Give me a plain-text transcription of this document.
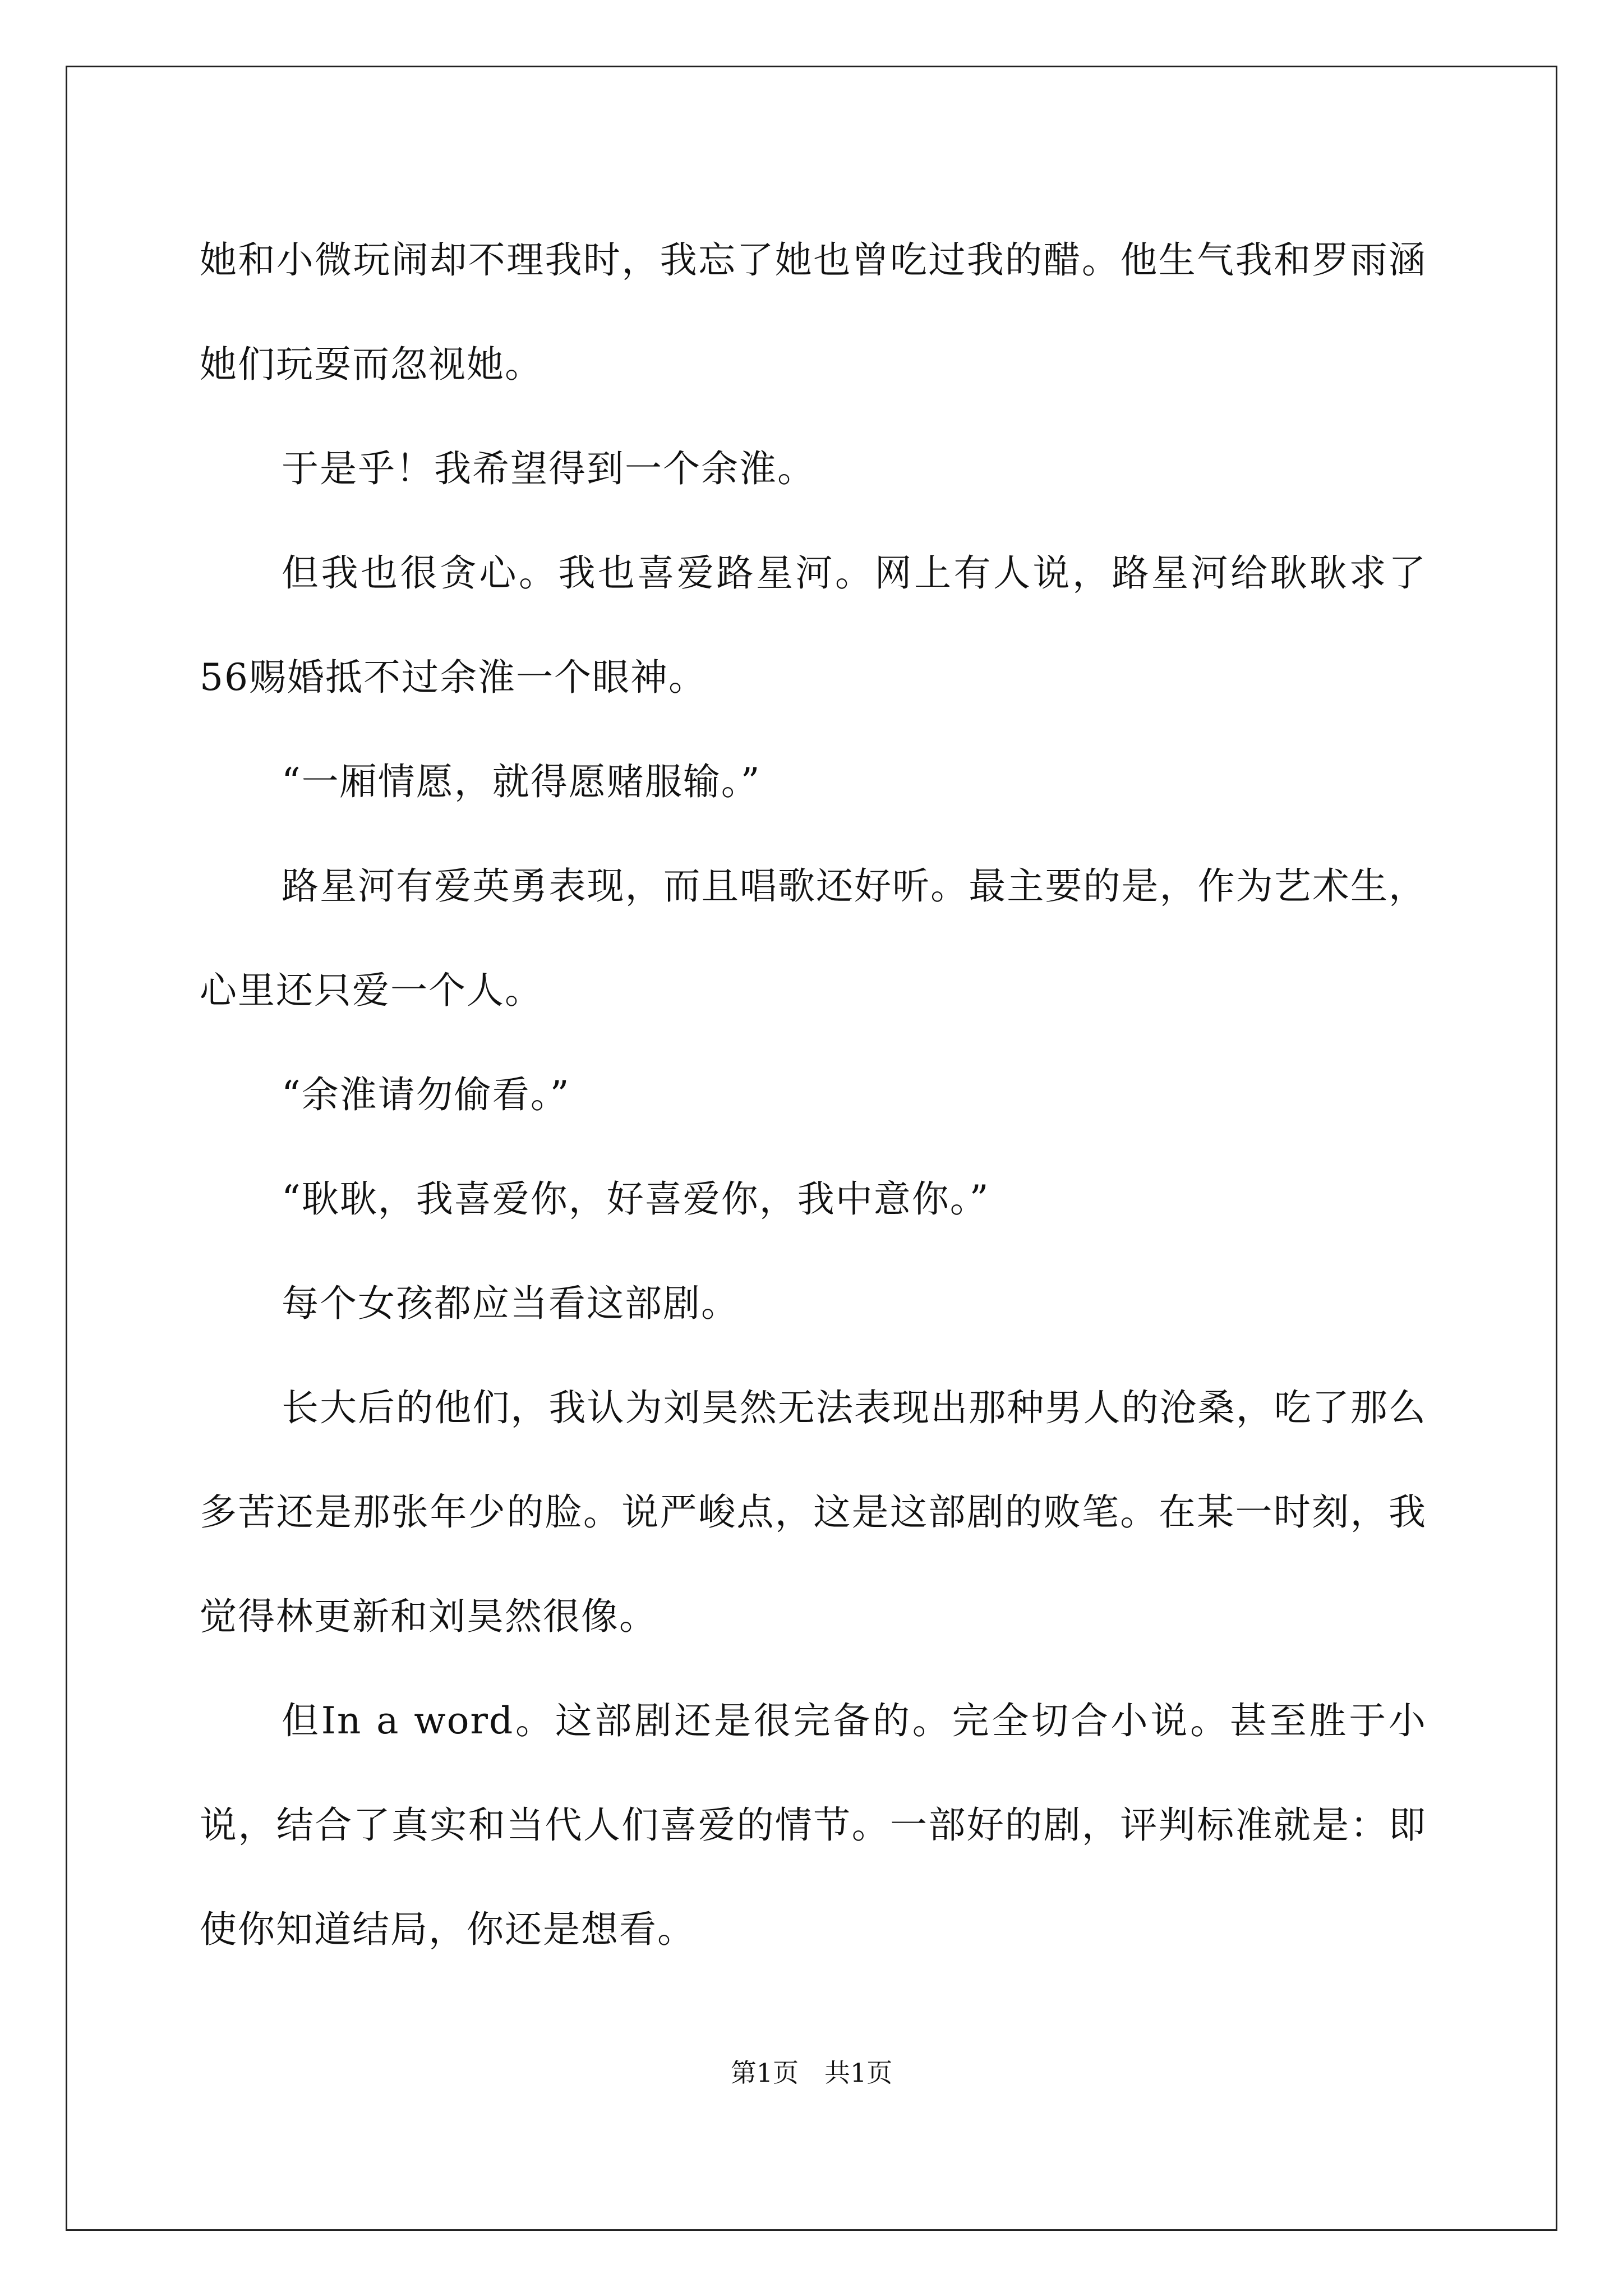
她和小微玩闹却不理我时，我忘了她也曾吃过我的醋。他生气我和罗雨涵她们玩耍而忽视她。

于是乎！我希望得到一个余淮。

但我也很贪心。我也喜爱路星河。网上有人说，路星河给耿耿求了56赐婚抵不过余淮一个眼神。

“一厢情愿，就得愿赌服输。”

路星河有爱英勇表现，而且唱歌还好听。最主要的是，作为艺术生，心里还只爱一个人。

“余淮请勿偷看。”

“耿耿，我喜爱你，好喜爱你，我中意你。”

每个女孩都应当看这部剧。

长大后的他们，我认为刘昊然无法表现出那种男人的沧桑，吃了那么多苦还是那张年少的脸。说严峻点，这是这部剧的败笔。在某一时刻，我觉得林更新和刘昊然很像。

但In a word。这部剧还是很完备的。完全切合小说。甚至胜于小说，结合了真实和当代人们喜爱的情节。一部好的剧，评判标准就是：即使你知道结局，你还是想看。

第1页　共1页
